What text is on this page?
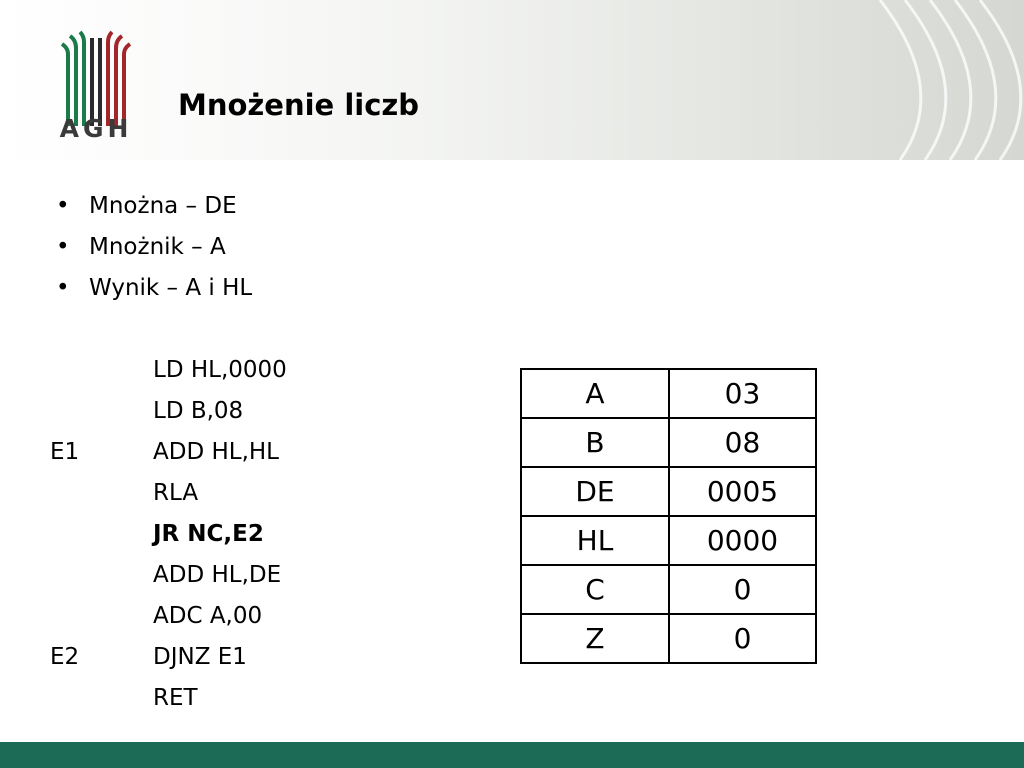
AGH
Mnożenie liczb
• Mnożna – DE
• Mnożnik – A
• Wynik – A i HL
LD HL,0000
LD B,08
E1	ADD HL,HL
RLA
JR NC,E2
ADD HL,DE
ADC A,00
E2	DJNZ E1
RET
A	03
B	08
DE	0005
HL	0000
C	0
Z	0
